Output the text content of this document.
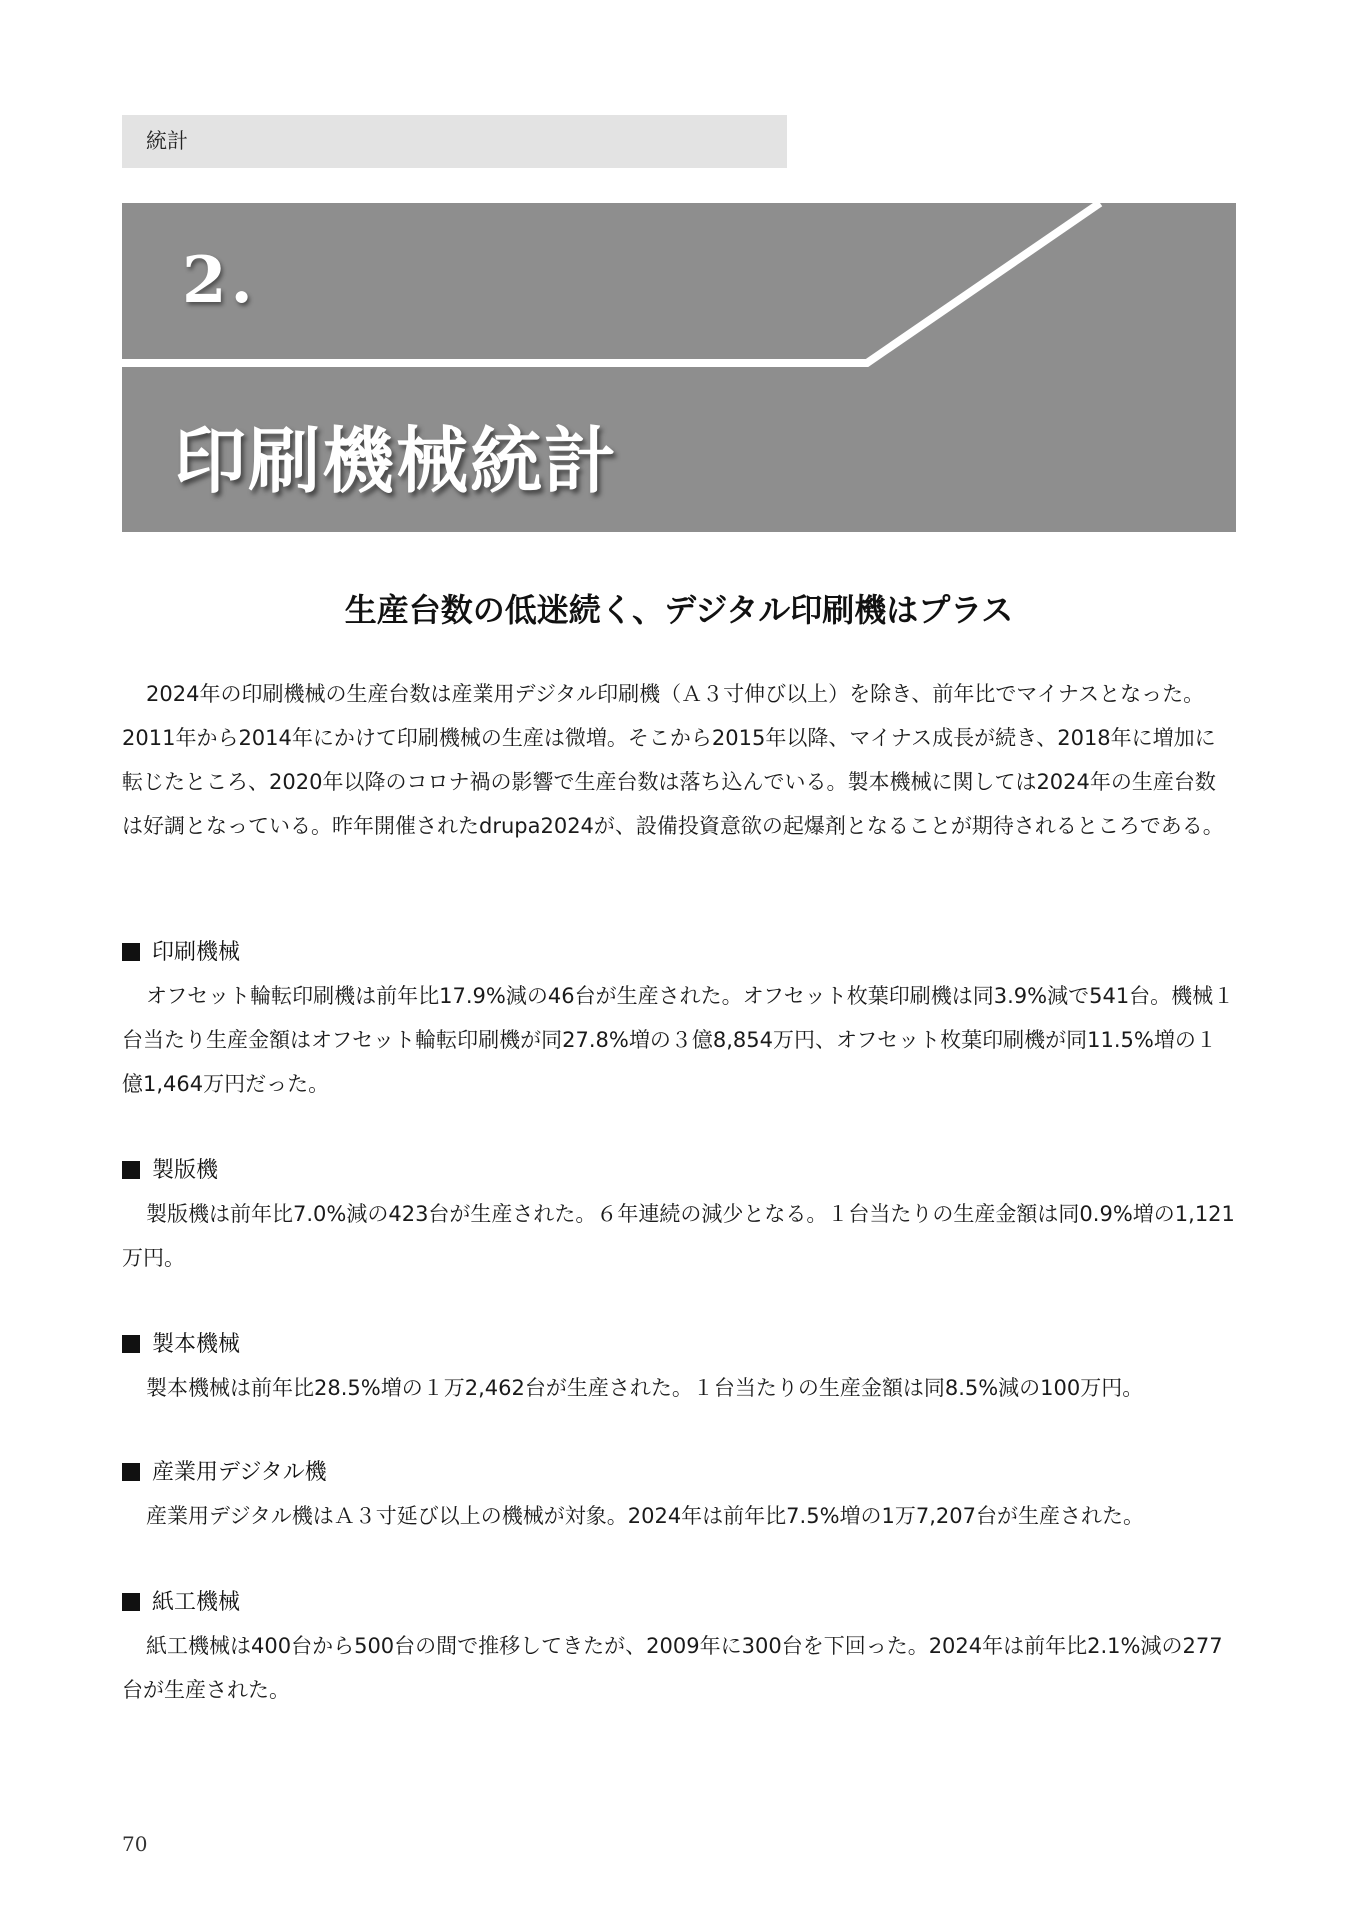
統計
2.
印刷機械統計
生産台数の低迷続く、デジタル印刷機はプラス

2024年の印刷機械の生産台数は産業用デジタル印刷機（Ａ３寸伸び以上）を除き、前年比でマイナスとなった。2011年から2014年にかけて印刷機械の生産は微増。そこから2015年以降、マイナス成長が続き、2018年に増加に転じたところ、2020年以降のコロナ禍の影響で生産台数は落ち込んでいる。製本機械に関しては2024年の生産台数は好調となっている。昨年開催されたdrupa2024が、設備投資意欲の起爆剤となることが期待されるところである。

印刷機械

オフセット輪転印刷機は前年比17.9%減の46台が生産された。オフセット枚葉印刷機は同3.9%減で541台。機械１台当たり生産金額はオフセット輪転印刷機が同27.8%増の３億8,854万円、オフセット枚葉印刷機が同11.5%増の１億1,464万円だった。

製版機

製版機は前年比7.0%減の423台が生産された。６年連続の減少となる。１台当たりの生産金額は同0.9%増の1,121万円。

製本機械

製本機械は前年比28.5%増の１万2,462台が生産された。１台当たりの生産金額は同8.5%減の100万円。

産業用デジタル機

産業用デジタル機はＡ３寸延び以上の機械が対象。2024年は前年比7.5%増の1万7,207台が生産された。

紙工機械

紙工機械は400台から500台の間で推移してきたが、2009年に300台を下回った。2024年は前年比2.1%減の277台が生産された。

70
